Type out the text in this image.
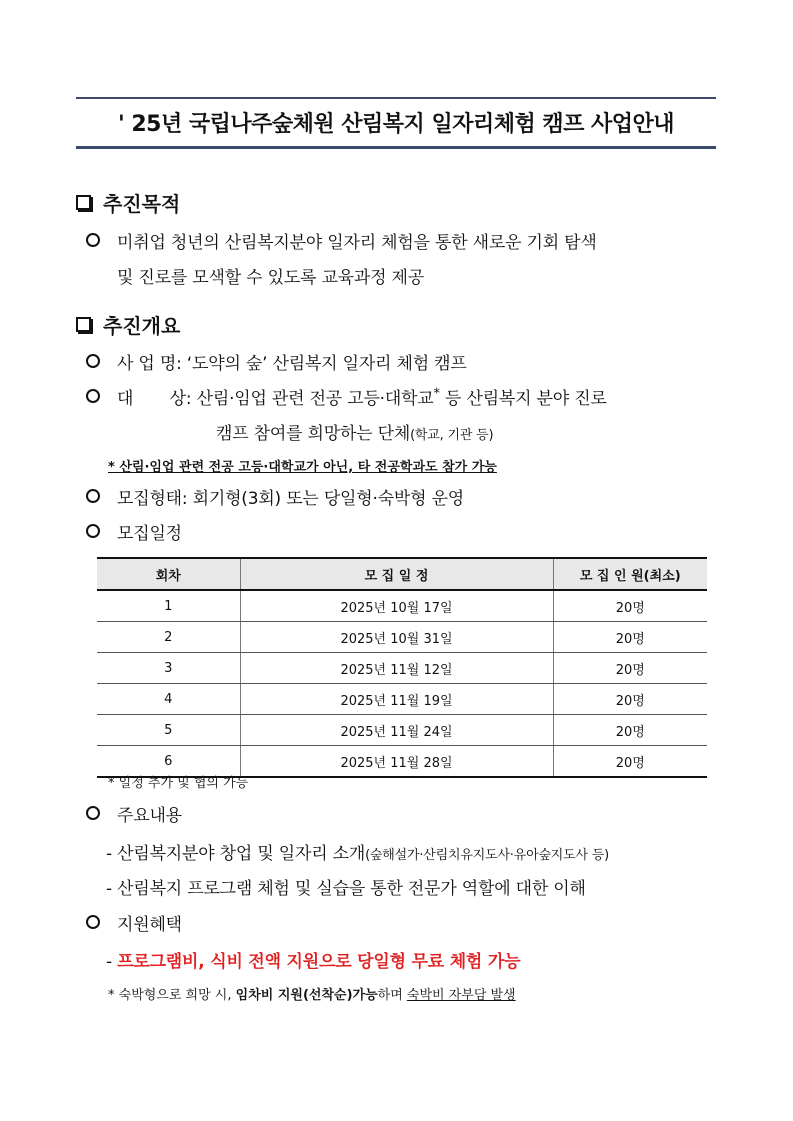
' 25년 국립나주숲체원 산림복지 일자리체험 캠프 사업안내
추진목적
미취업 청년의 산림복지분야 일자리 체험을 통한 새로운 기회 탐색
및 진로를 모색할 수 있도록 교육과정 제공
추진개요
사 업 명: ‘도약의 숲’ 산림복지 일자리 체험 캠프
대       상: 산림·임업 관련 전공 고등·대학교* 등 산림복지 분야 진로
캠프 참여를 희망하는 단체(학교, 기관 등)
* 산림·임업 관련 전공 고등·대학교가 아닌, 타 전공학과도 참가 가능
모집형태: 회기형(3회) 또는 당일형·숙박형 운영
모집일정
회차	모 집 일 정	모 집 인 원(최소)
1	2025년 10월 17일	20명
2	2025년 10월 31일	20명
3	2025년 11월 12일	20명
4	2025년 11월 19일	20명
5	2025년 11월 24일	20명
6	2025년 11월 28일	20명
* 일정 추가 및 협의 가능
주요내용
- 산림복지분야 창업 및 일자리 소개(숲해설가·산림치유지도사·유아숲지도사 등)
- 산림복지 프로그램 체험 및 실습을 통한 전문가 역할에 대한 이해
지원혜택
- 프로그램비, 식비 전액 지원으로 당일형 무료 체험 가능
* 숙박형으로 희망 시, 임차비 지원(선착순)가능하며 숙박비 자부담 발생
